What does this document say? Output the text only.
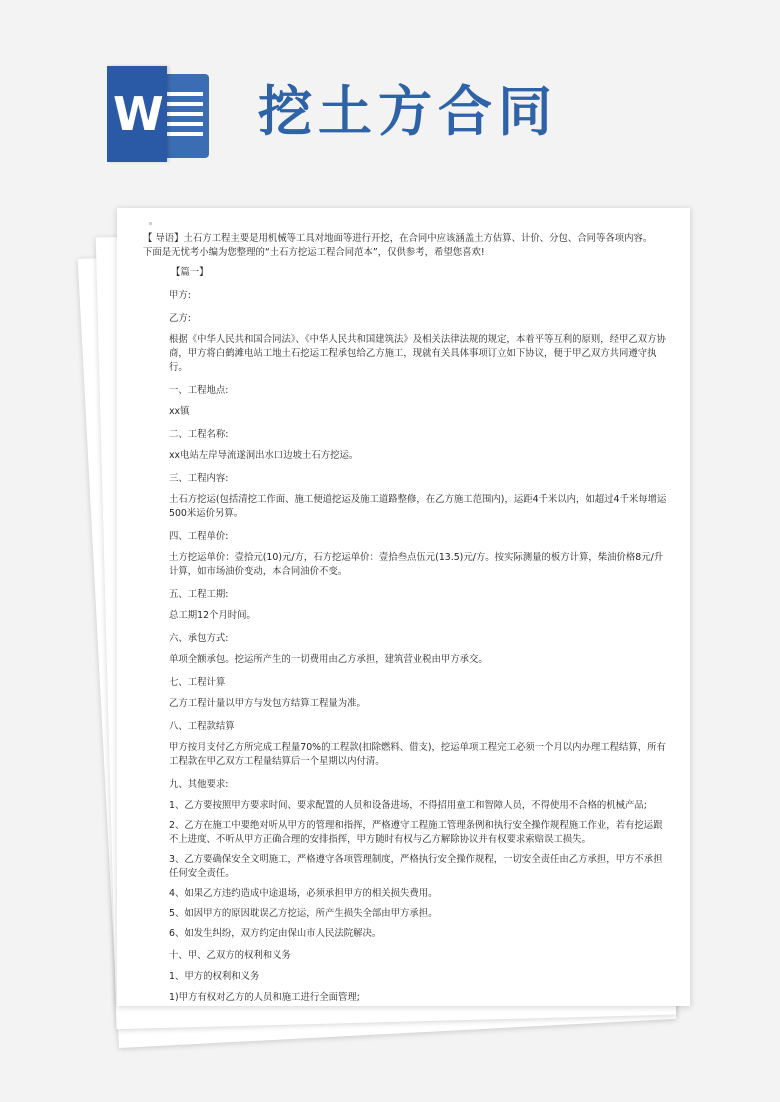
W 挖土方合同

【 导语】土石方工程主要是用机械等工具对地面等进行开挖，在合同中应该涵盖土方估算、计价、分包、合同等各项内容。
下面是无忧考小编为您整理的“土石方挖运工程合同范本”，仅供参考，希望您喜欢!

【篇一】

甲方:

乙方:

根据《中华人民共和国合同法》、《中华人民共和国建筑法》及相关法律法规的规定，本着平等互利的原则，经甲乙双方协商，甲方将白鹤滩电站工地土石挖运工程承包给乙方施工，现就有关具体事项订立如下协议，便于甲乙双方共同遵守执行。

一、工程地点:

xx镇

二、工程名称:

xx电站左岸导流遂洞出水口边坡土石方挖运。

三、工程内容:

土石方挖运(包括清挖工作面、施工便道挖运及施工道路整修，在乙方施工范围内)，运距4千米以内，如超过4千米每增运500米运价另算。

四、工程单价:

土方挖运单价：壹拾元(10)元/方，石方挖运单价：壹拾叁点伍元(13.5)元/方。按实际测量的板方计算，柴油价格8元/升计算，如市场油价变动，本合同油价不变。

五、工程工期:

总工期12个月时间。

六、承包方式:

单项全额承包。挖运所产生的一切费用由乙方承担，建筑营业税由甲方承交。

七、工程计算

乙方工程计量以甲方与发包方结算工程量为准。

八、工程款结算

甲方按月支付乙方所完成工程量70%的工程款(扣除燃料、借支)，挖运单项工程完工必须一个月以内办理工程结算，所有工程款在甲乙双方工程量结算后一个星期以内付清。

九、其他要求:

1、乙方要按照甲方要求时间、要求配置的人员和设备进场，不得招用童工和智障人员，不得使用不合格的机械产品;

2、乙方在施工中要绝对听从甲方的管理和指挥，严格遵守工程施工管理条例和执行安全操作规程施工作业，若有挖运跟不上进度、不听从甲方正确合理的安排指挥，甲方随时有权与乙方解除协议并有权要求索赔误工损失。

3、乙方要确保安全文明施工，严格遵守各项管理制度，严格执行安全操作规程，一切安全责任由乙方承担，甲方不承担任何安全责任。

4、如果乙方违约造成中途退场，必须承担甲方的相关损失费用。

5、如因甲方的原因耽误乙方挖运，所产生损失全部由甲方承担。

6、如发生纠纷，双方约定由保山市人民法院解决。

十、甲、乙双方的权利和义务

1、甲方的权利和义务

1)甲方有权对乙方的人员和施工进行全面管理;
